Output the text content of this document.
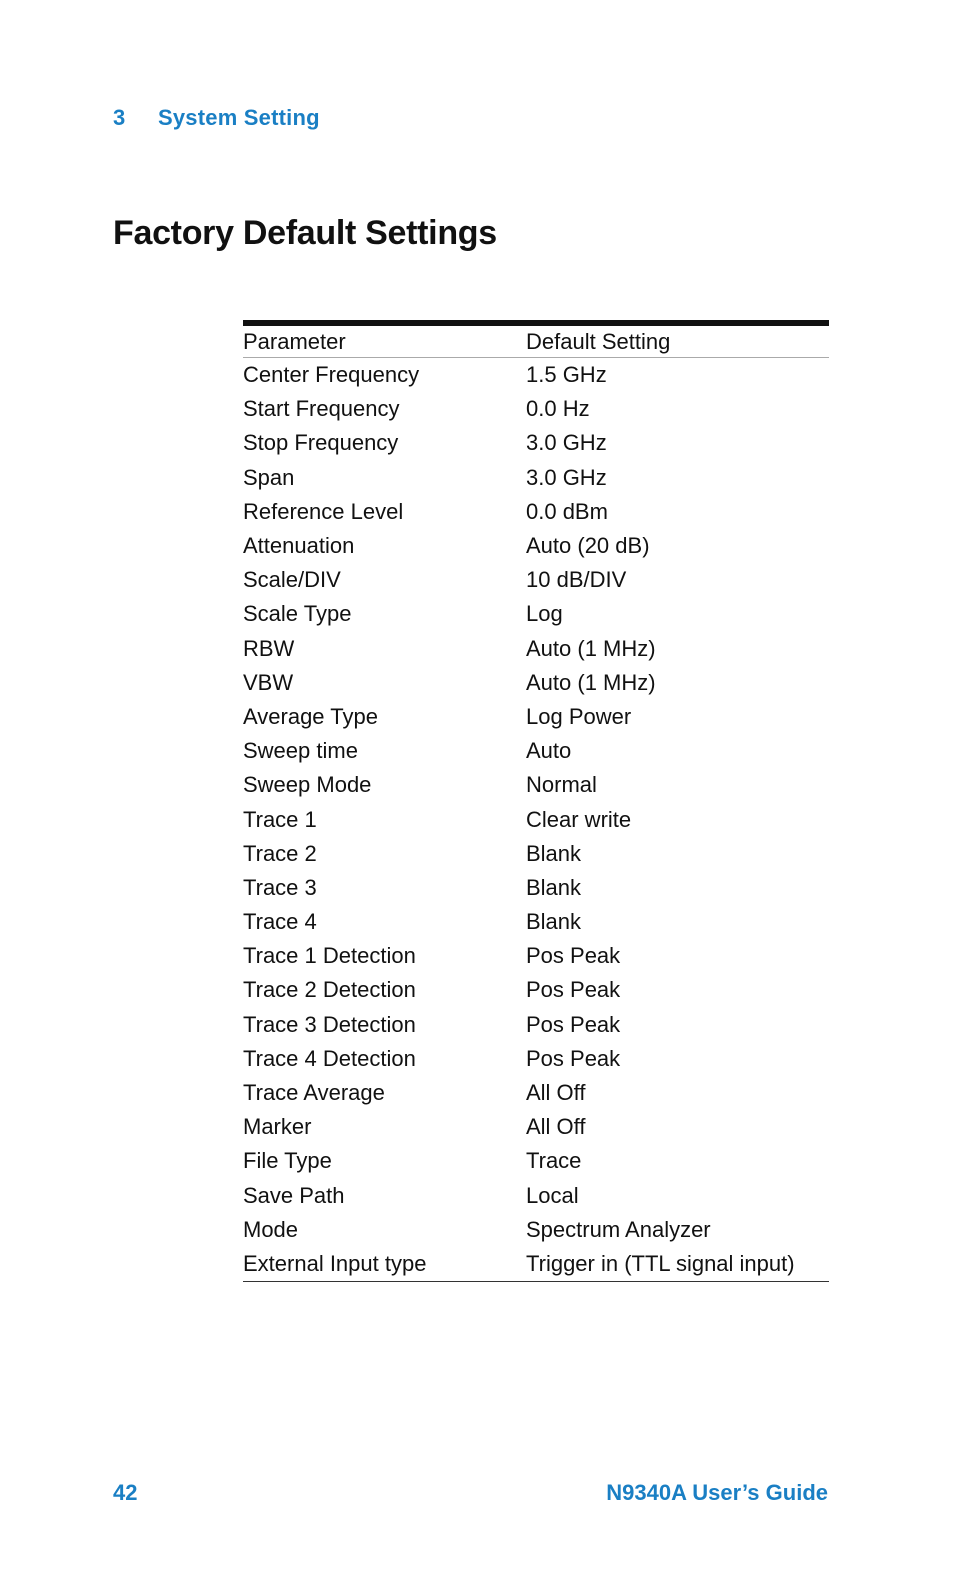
3 System Setting
Factory Default Settings
Parameter	Default Setting
Center Frequency	1.5 GHz
Start Frequency	0.0 Hz
Stop Frequency	3.0 GHz
Span	3.0 GHz
Reference Level	0.0 dBm
Attenuation	Auto (20 dB)
Scale/DIV	10 dB/DIV
Scale Type	Log
RBW	Auto (1 MHz)
VBW	Auto (1 MHz)
Average Type	Log Power
Sweep time	Auto
Sweep Mode	Normal
Trace 1	Clear write
Trace 2	Blank
Trace 3	Blank
Trace 4	Blank
Trace 1 Detection	Pos Peak
Trace 2 Detection	Pos Peak
Trace 3 Detection	Pos Peak
Trace 4 Detection	Pos Peak
Trace Average	All Off
Marker	All Off
File Type	Trace
Save Path	Local
Mode	Spectrum Analyzer
External Input type	Trigger in (TTL signal input)
42	N9340A User’s Guide
